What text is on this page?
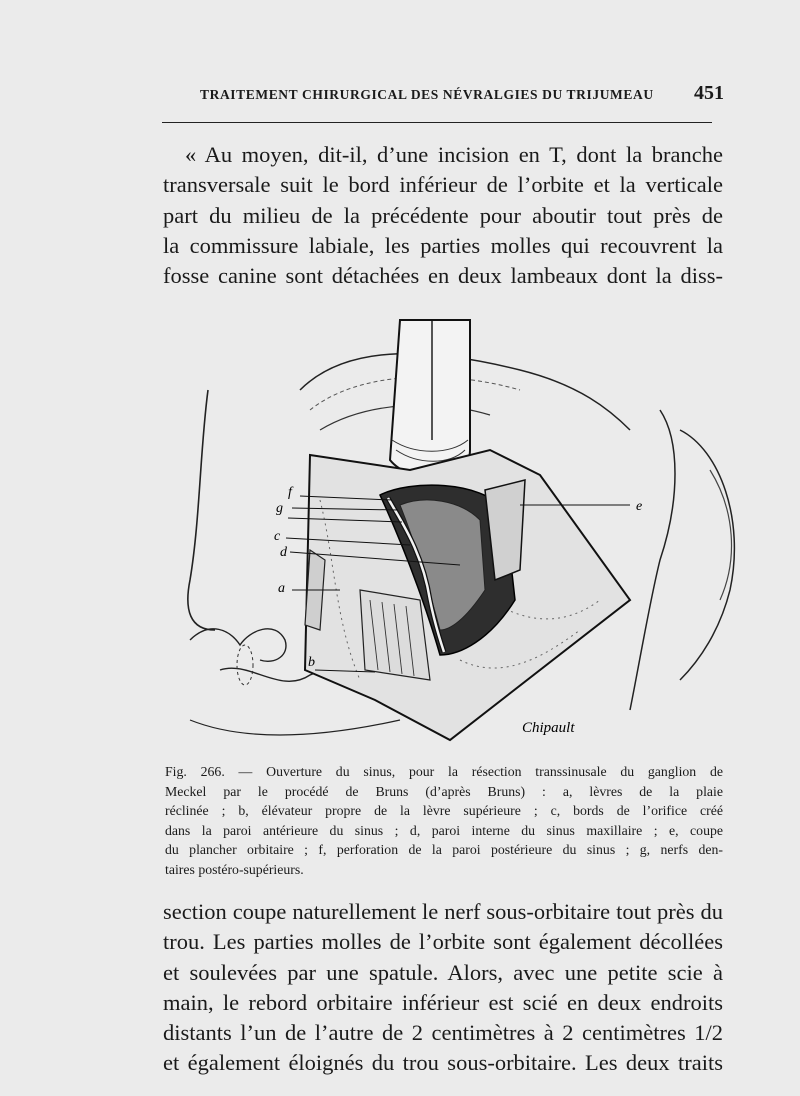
TRAITEMENT CHIRURGICAL DES NÉVRALGIES DU TRIJUMEAU 451
« Au moyen, dit-il, d’une incision en T, dont la branche
transversale suit le bord inférieur de l’orbite et la verticale
part du milieu de la précédente pour aboutir tout près de
la commissure labiale, les parties molles qui recouvrent la
fosse canine sont détachées en deux lambeaux dont la diss-
f
g
c
d
a
b
e
Chipault
Fig. 266. — Ouverture du sinus, pour la résection transsinusale du ganglion de
Meckel par le procédé de Bruns (d’après Bruns) : a, lèvres de la plaie
réclinée ; b, élévateur propre de la lèvre supérieure ; c, bords de l’orifice créé
dans la paroi antérieure du sinus ; d, paroi interne du sinus maxillaire ; e, coupe
du plancher orbitaire ; f, perforation de la paroi postérieure du sinus ; g, nerfs den-
taires postéro-supérieurs.
section coupe naturellement le nerf sous-orbitaire tout près du
trou. Les parties molles de l’orbite sont également décollées
et soulevées par une spatule. Alors, avec une petite scie à
main, le rebord orbitaire inférieur est scié en deux endroits
distants l’un de l’autre de 2 centimètres à 2 centimètres 1/2
et également éloignés du trou sous-orbitaire. Les deux traits
